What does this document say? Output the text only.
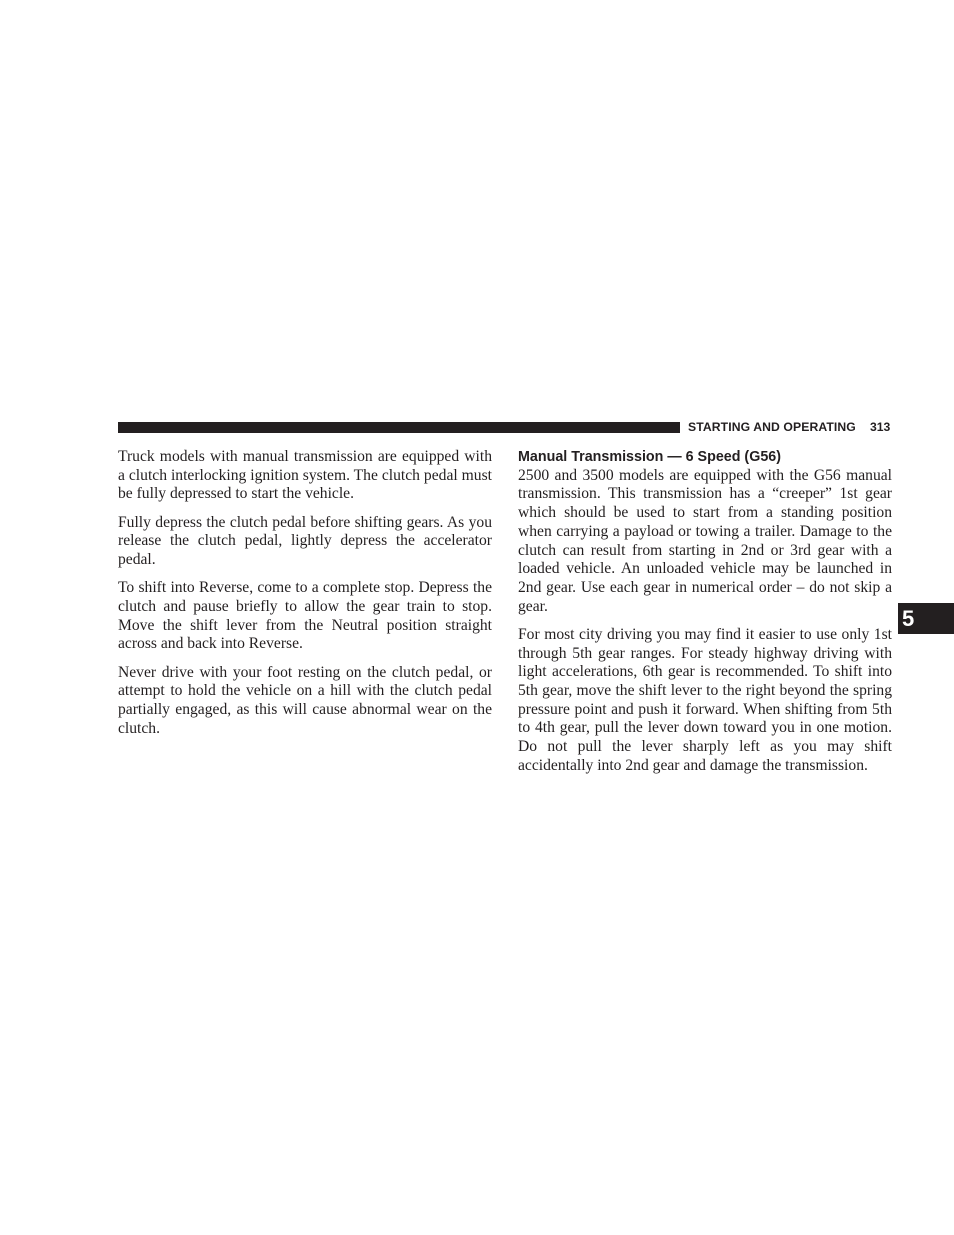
STARTING AND OPERATING 313

Truck models with manual transmission are equipped with a clutch interlocking ignition system. The clutch pedal must be fully depressed to start the vehicle.

Fully depress the clutch pedal before shifting gears. As you release the clutch pedal, lightly depress the accelerator pedal.

To shift into Reverse, come to a complete stop. Depress the clutch and pause briefly to allow the gear train to stop. Move the shift lever from the Neutral position straight across and back into Reverse.

Never drive with your foot resting on the clutch pedal, or attempt to hold the vehicle on a hill with the clutch pedal partially engaged, as this will cause abnormal wear on the clutch.

Manual Transmission — 6 Speed (G56)

2500 and 3500 models are equipped with the G56 manual transmission. This transmission has a “creeper” 1st gear which should be used to start from a standing position when carrying a payload or towing a trailer. Damage to the clutch can result from starting in 2nd or 3rd gear with a loaded vehicle. An unloaded vehicle may be launched in 2nd gear. Use each gear in numerical order – do not skip a gear.

For most city driving you may find it easier to use only 1st through 5th gear ranges. For steady highway driving with light accelerations, 6th gear is recommended. To shift into 5th gear, move the shift lever to the right beyond the spring pressure point and push it forward. When shifting from 5th to 4th gear, pull the lever down toward you in one motion. Do not pull the lever sharply left as you may shift accidentally into 2nd gear and damage the transmission.

5
